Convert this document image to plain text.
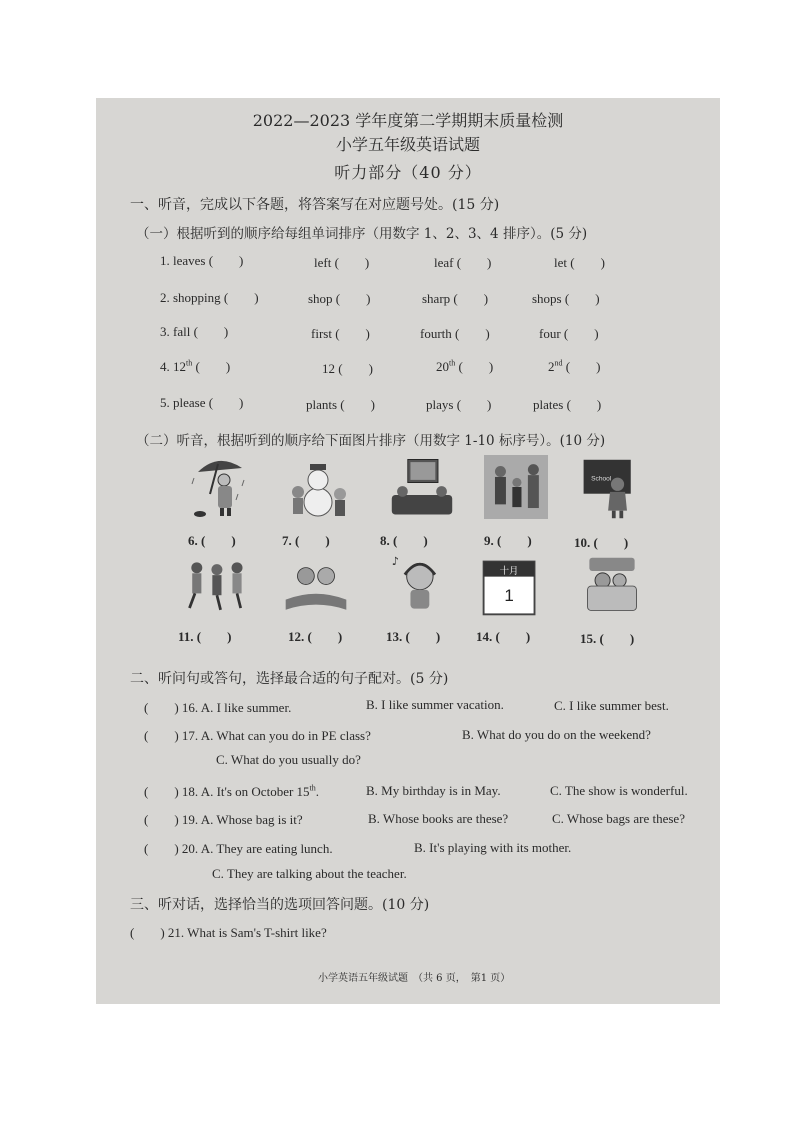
2022—2023 学年度第二学期期末质量检测
小学五年级英语试题
听力部分（40 分）
一、听音，完成以下各题，将答案写在对应题号处。(15 分)
（一）根据听到的顺序给每组单词排序（用数字 1、2、3、4 排序）。(5 分)
1. leaves (　　)	left (　　)	leaf (　　)	let (　　)
2. shopping (　　)	shop (　　)	sharp (　　)	shops (　　)
3. fall (　　)	first (　　)	fourth (　　)	four (　　)
4. 12th (　　)	12 (　　)	20th (　　)	2nd (　　)
5. please (　　)	plants (　　)	plays (　　)	plates (　　)
（二）听音，根据听到的顺序给下面图片排序（用数字 1-10 标序号）。(10 分)
School
6. (　　)	7. (　　)	8. (　　)	9. (　　)	10. (　　)
♪
十月
1
11. (　　)	12. (　　)	13. (　　)	14. (　　)	15. (　　)
二、听问句或答句，选择最合适的句子配对。(5 分)
(　　) 16. A. I like summer.	B. I like summer vacation.	C. I like summer best.
(　　) 17. A. What can you do in PE class?	B. What do you do on the weekend?
C. What do you usually do?
(　　) 18. A. It's on October 15th.	B. My birthday is in May.	C. The show is wonderful.
(　　) 19. A. Whose bag is it?	B. Whose books are these?	C. Whose bags are these?
(　　) 20. A. They are eating lunch.	B. It's playing with its mother.
C. They are talking about the teacher.
三、听对话，选择恰当的选项回答问题。(10 分)
(　　) 21. What is Sam's T-shirt like?
小学英语五年级试题　（共 6 页，　第1 页）
